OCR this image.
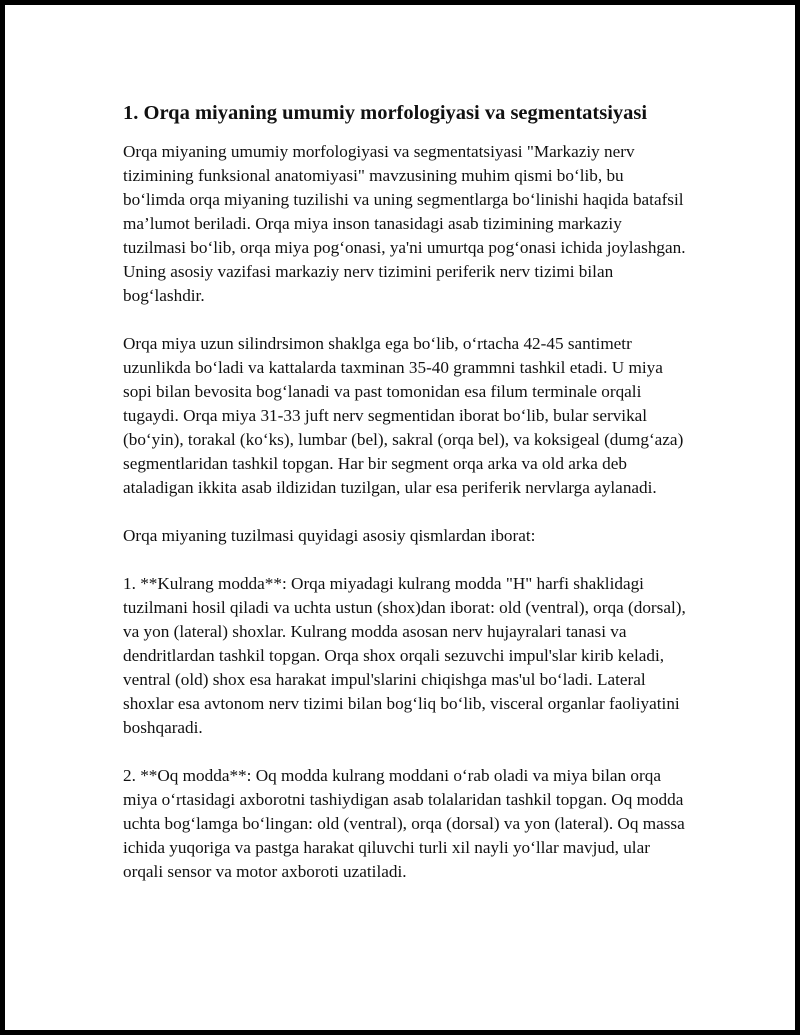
1. Orqa miyaning umumiy morfologiyasi va segmentatsiyasi

Orqa miyaning umumiy morfologiyasi va segmentatsiyasi "Markaziy nerv tizimining funksional anatomiyasi" mavzusining muhim qismi bo‘lib, bu bo‘limda orqa miyaning tuzilishi va uning segmentlarga bo‘linishi haqida batafsil ma’lumot beriladi. Orqa miya inson tanasidagi asab tizimining markaziy tuzilmasi bo‘lib, orqa miya pog‘onasi, ya'ni umurtqa pog‘onasi ichida joylashgan. Uning asosiy vazifasi markaziy nerv tizimini periferik nerv tizimi bilan bog‘lashdir.

Orqa miya uzun silindrsimon shaklga ega bo‘lib, o‘rtacha 42-45 santimetr uzunlikda bo‘ladi va kattalarda taxminan 35-40 grammni tashkil etadi. U miya sopi bilan bevosita bog‘lanadi va past tomonidan esa filum terminale orqali tugaydi. Orqa miya 31-33 juft nerv segmentidan iborat bo‘lib, bular servikal (bo‘yin), torakal (ko‘ks), lumbar (bel), sakral (orqa bel), va koksigeal (dumg‘aza) segmentlaridan tashkil topgan. Har bir segment orqa arka va old arka deb ataladigan ikkita asab ildizidan tuzilgan, ular esa periferik nervlarga aylanadi.

Orqa miyaning tuzilmasi quyidagi asosiy qismlardan iborat:

1. **Kulrang modda**: Orqa miyadagi kulrang modda "H" harfi shaklidagi tuzilmani hosil qiladi va uchta ustun (shox)dan iborat: old (ventral), orqa (dorsal), va yon (lateral) shoxlar. Kulrang modda asosan nerv hujayralari tanasi va dendritlardan tashkil topgan. Orqa shox orqali sezuvchi impul'slar kirib keladi, ventral (old) shox esa harakat impul'slarini chiqishga mas'ul bo‘ladi. Lateral shoxlar esa avtonom nerv tizimi bilan bog‘liq bo‘lib, visceral organlar faoliyatini boshqaradi.

2. **Oq modda**: Oq modda kulrang moddani o‘rab oladi va miya bilan orqa miya o‘rtasidagi axborotni tashiydigan asab tolalaridan tashkil topgan. Oq modda uchta bog‘lamga bo‘lingan: old (ventral), orqa (dorsal) va yon (lateral). Oq massa ichida yuqoriga va pastga harakat qiluvchi turli xil nayli yo‘llar mavjud, ular orqali sensor va motor axboroti uzatiladi.
